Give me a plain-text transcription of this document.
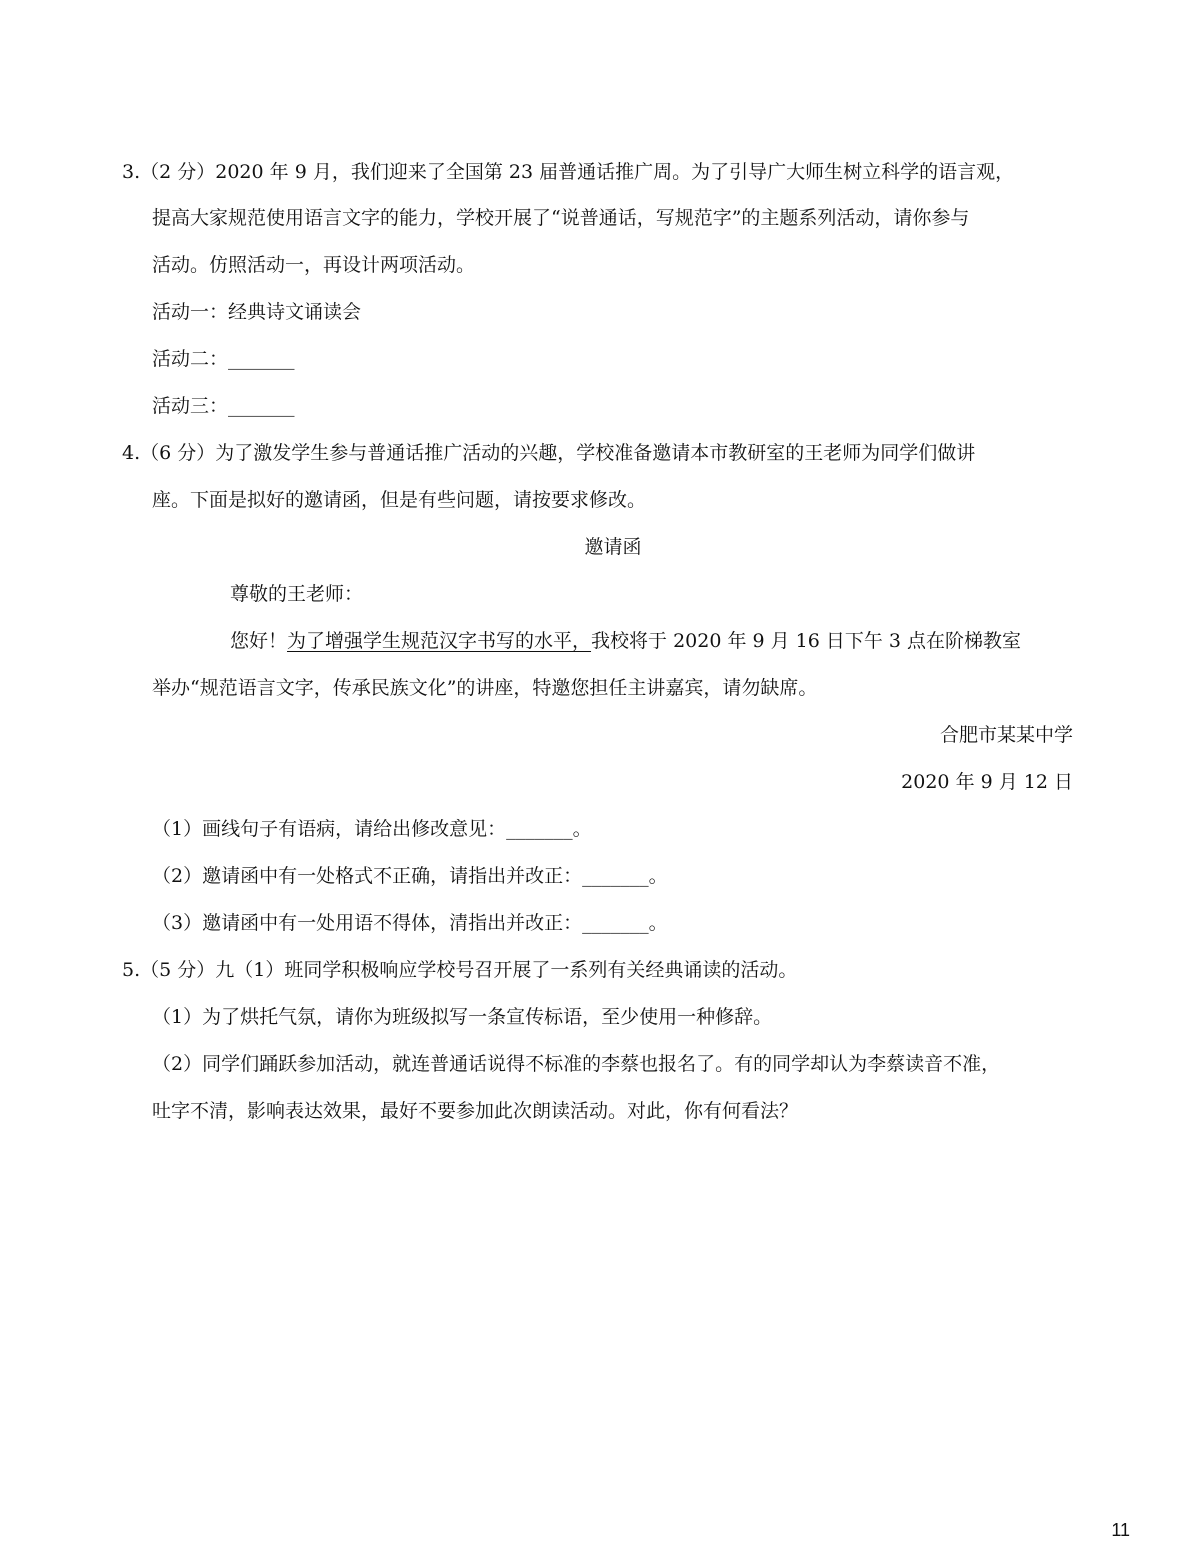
3.（2 分）2020 年 9 月，我们迎来了全国第 23 届普通话推广周。为了引导广大师生树立科学的语言观，
提高大家规范使用语言文字的能力，学校开展了“说普通话，写规范字”的主题系列活动，请你参与
活动。仿照活动一，再设计两项活动。
活动一：经典诗文诵读会
活动二：_______
活动三：_______
4.（6 分）为了激发学生参与普通话推广活动的兴趣，学校准备邀请本市教研室的王老师为同学们做讲
座。下面是拟好的邀请函，但是有些问题，请按要求修改。
邀请函
尊敬的王老师：
您好！为了增强学生规范汉字书写的水平，我校将于 2020 年 9 月 16 日下午 3 点在阶梯教室
举办“规范语言文字，传承民族文化”的讲座，特邀您担任主讲嘉宾，请勿缺席。
合肥市某某中学
2020 年 9 月 12 日
（1）画线句子有语病，请给出修改意见：_______。
（2）邀请函中有一处格式不正确，请指出并改正：_______。
（3）邀请函中有一处用语不得体，清指出并改正：_______。
5.（5 分）九（1）班同学积极响应学校号召开展了一系列有关经典诵读的活动。
（1）为了烘托气氛，请你为班级拟写一条宣传标语，至少使用一种修辞。
（2）同学们踊跃参加活动，就连普通话说得不标准的李蔡也报名了。有的同学却认为李蔡读音不准，
吐字不清，影响表达效果，最好不要参加此次朗读活动。对此，你有何看法？
11
